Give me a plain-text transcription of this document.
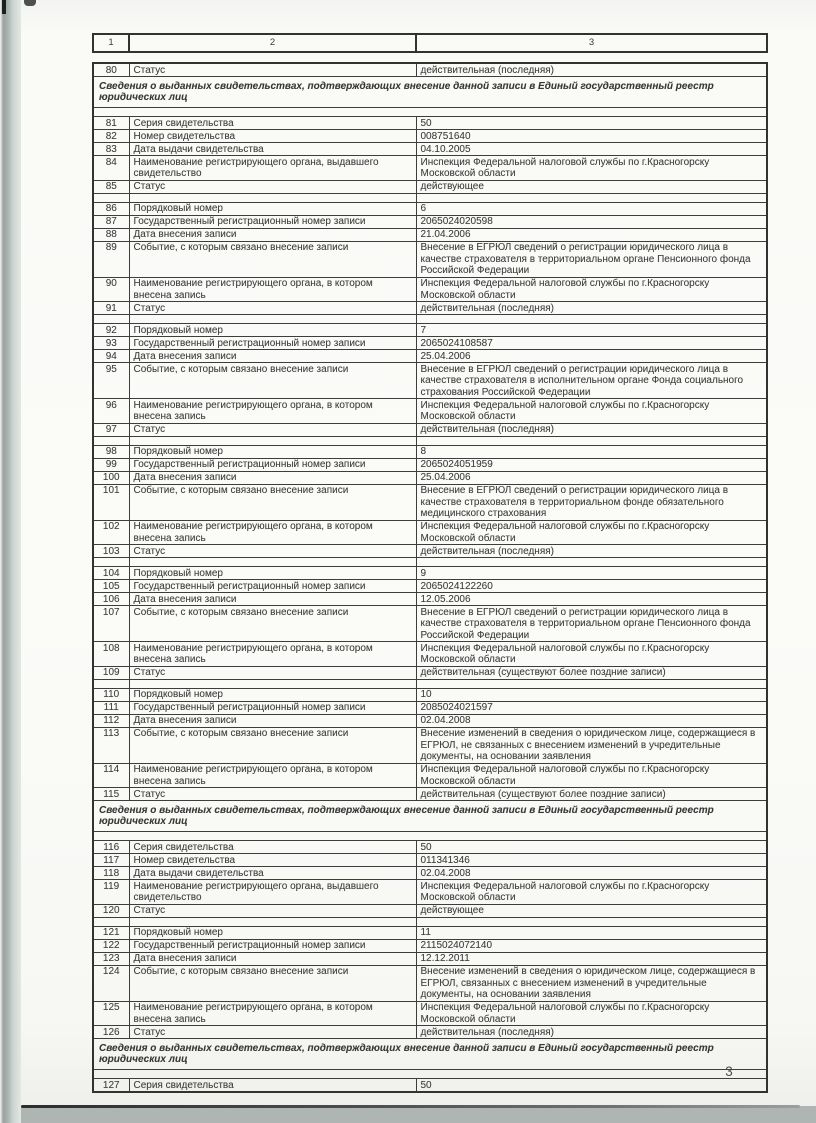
1	2	3
80	Статус	действительная (последняя)
Сведения о выданных свидетельствах, подтверждающих внесение данной записи в Единый государственный реестр юридических лиц		

81	Серия свидетельства	50
82	Номер свидетельства	008751640
83	Дата выдачи свидетельства	04.10.2005
84	Наименование регистрирующего органа, выдавшего свидетельство	Инспекция Федеральной налоговой службы по г.Красногорску Московской области
85	Статус	действующее

86	Порядковый номер	6
87	Государственный регистрационный номер записи	2065024020598
88	Дата внесения записи	21.04.2006
89	Событие, с которым связано внесение записи	Внесение в ЕГРЮЛ сведений о регистрации юридического лица в качестве страхователя в территориальном органе Пенсионного фонда Российской Федерации
90	Наименование регистрирующего органа, в котором внесена запись	Инспекция Федеральной налоговой службы по г.Красногорску Московской области
91	Статус	действительная (последняя)

92	Порядковый номер	7
93	Государственный регистрационный номер записи	2065024108587
94	Дата внесения записи	25.04.2006
95	Событие, с которым связано внесение записи	Внесение в ЕГРЮЛ сведений о регистрации юридического лица в качестве страхователя в исполнительном органе Фонда социального страхования Российской Федерации
96	Наименование регистрирующего органа, в котором внесена запись	Инспекция Федеральной налоговой службы по г.Красногорску Московской области
97	Статус	действительная (последняя)

98	Порядковый номер	8
99	Государственный регистрационный номер записи	2065024051959
100	Дата внесения записи	25.04.2006
101	Событие, с которым связано внесение записи	Внесение в ЕГРЮЛ сведений о регистрации юридического лица в качестве страхователя в территориальном фонде обязательного медицинского страхования
102	Наименование регистрирующего органа, в котором внесена запись	Инспекция Федеральной налоговой службы по г.Красногорску Московской области
103	Статус	действительная (последняя)

104	Порядковый номер	9
105	Государственный регистрационный номер записи	2065024122260
106	Дата внесения записи	12.05.2006
107	Событие, с которым связано внесение записи	Внесение в ЕГРЮЛ сведений о регистрации юридического лица в качестве страхователя в территориальном органе Пенсионного фонда Российской Федерации
108	Наименование регистрирующего органа, в котором внесена запись	Инспекция Федеральной налоговой службы по г.Красногорску Московской области
109	Статус	действительная (существуют более поздние записи)

110	Порядковый номер	10
111	Государственный регистрационный номер записи	2085024021597
112	Дата внесения записи	02.04.2008
113	Событие, с которым связано внесение записи	Внесение изменений в сведения о юридическом лице, содержащиеся в ЕГРЮЛ, не связанных с внесением изменений в учредительные документы, на основании заявления
114	Наименование регистрирующего органа, в котором внесена запись	Инспекция Федеральной налоговой службы по г.Красногорску Московской области
115	Статус	действительная (существуют более поздние записи)
Сведения о выданных свидетельствах, подтверждающих внесение данной записи в Единый государственный реестр юридических лиц		

116	Серия свидетельства	50
117	Номер свидетельства	011341346
118	Дата выдачи свидетельства	02.04.2008
119	Наименование регистрирующего органа, выдавшего свидетельство	Инспекция Федеральной налоговой службы по г.Красногорску Московской области
120	Статус	действующее

121	Порядковый номер	11
122	Государственный регистрационный номер записи	2115024072140
123	Дата внесения записи	12.12.2011
124	Событие, с которым связано внесение записи	Внесение изменений в сведения о юридическом лице, содержащиеся в ЕГРЮЛ, связанных с внесением изменений в учредительные документы, на основании заявления
125	Наименование регистрирующего органа, в котором внесена запись	Инспекция Федеральной налоговой службы по г.Красногорску Московской области
126	Статус	действительная (последняя)
Сведения о выданных свидетельствах, подтверждающих внесение данной записи в Единый государственный реестр юридических лиц		

127	Серия свидетельства	50
3
